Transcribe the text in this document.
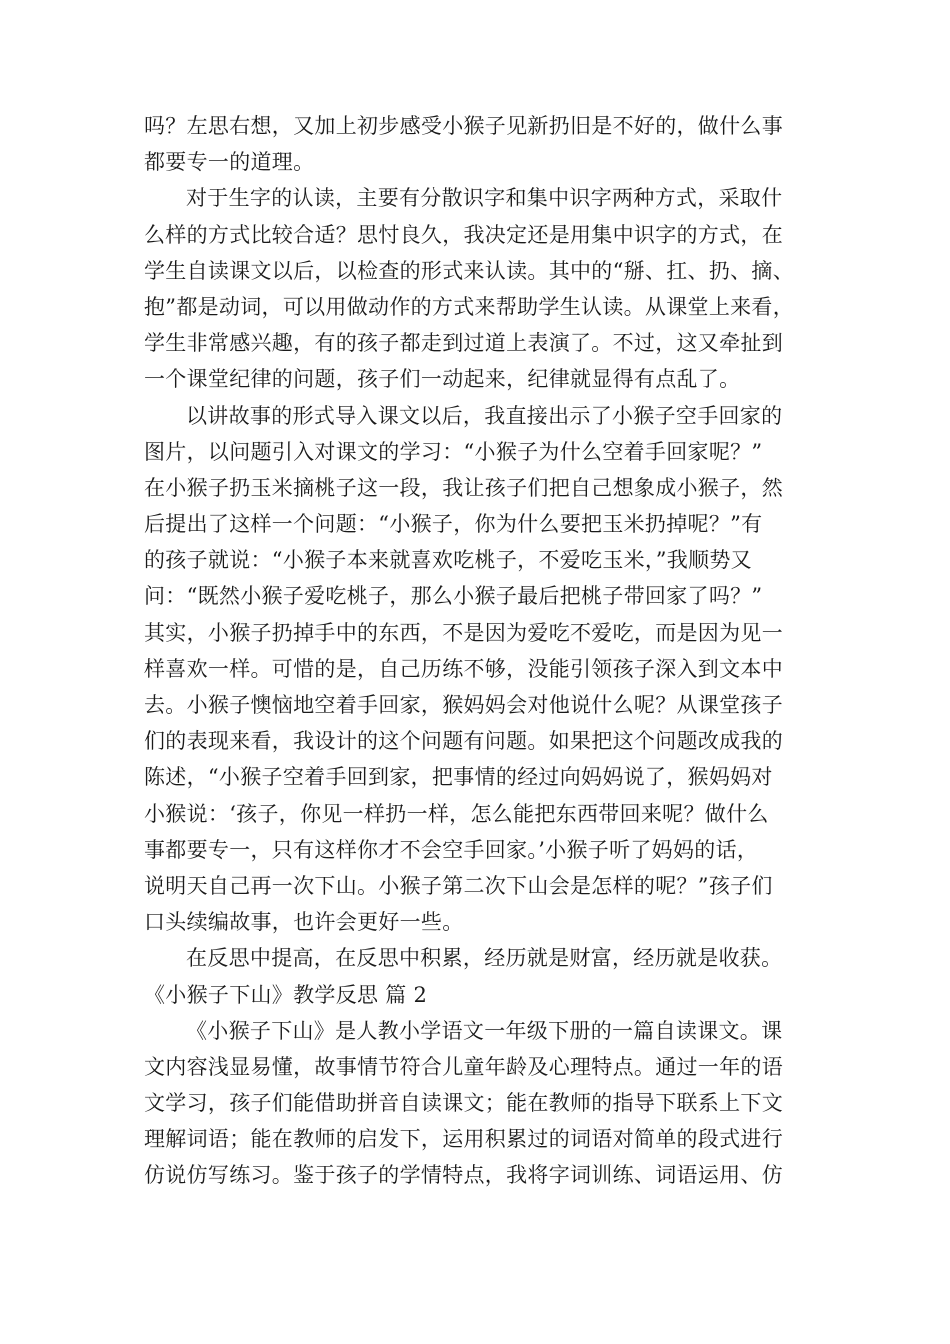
吗？左思右想，又加上初步感受小猴子见新扔旧是不好的，做什么事
都要专一的道理。
对于生字的认读，主要有分散识字和集中识字两种方式，采取什
么样的方式比较合适？思忖良久，我决定还是用集中识字的方式，在
学生自读课文以后，以检查的形式来认读。其中的“掰、扛、扔、摘、
抱”都是动词，可以用做动作的方式来帮助学生认读。从课堂上来看，
学生非常感兴趣，有的孩子都走到过道上表演了。不过，这又牵扯到
一个课堂纪律的问题，孩子们一动起来，纪律就显得有点乱了。
以讲故事的形式导入课文以后，我直接出示了小猴子空手回家的
图片，以问题引入对课文的学习：“小猴子为什么空着手回家呢？”
在小猴子扔玉米摘桃子这一段，我让孩子们把自己想象成小猴子，然
后提出了这样一个问题：“小猴子，你为什么要把玉米扔掉呢？”有
的孩子就说：“小猴子本来就喜欢吃桃子，不爱吃玉米，”我顺势又
问：“既然小猴子爱吃桃子，那么小猴子最后把桃子带回家了吗？”
其实，小猴子扔掉手中的东西，不是因为爱吃不爱吃，而是因为见一
样喜欢一样。可惜的是，自己历练不够，没能引领孩子深入到文本中
去。小猴子懊恼地空着手回家，猴妈妈会对他说什么呢？从课堂孩子
们的表现来看，我设计的这个问题有问题。如果把这个问题改成我的
陈述，“小猴子空着手回到家，把事情的经过向妈妈说了，猴妈妈对
小猴说：‘孩子，你见一样扔一样，怎么能把东西带回来呢？做什么
事都要专一，只有这样你才不会空手回家。’小猴子听了妈妈的话，
说明天自己再一次下山。小猴子第二次下山会是怎样的呢？”孩子们
口头续编故事，也许会更好一些。
在反思中提高，在反思中积累，经历就是财富，经历就是收获。
《小猴子下山》教学反思 篇 2
《小猴子下山》是人教小学语文一年级下册的一篇自读课文。课
文内容浅显易懂，故事情节符合儿童年龄及心理特点。通过一年的语
文学习，孩子们能借助拼音自读课文；能在教师的指导下联系上下文
理解词语；能在教师的启发下，运用积累过的词语对简单的段式进行
仿说仿写练习。鉴于孩子的学情特点，我将字词训练、词语运用、仿
